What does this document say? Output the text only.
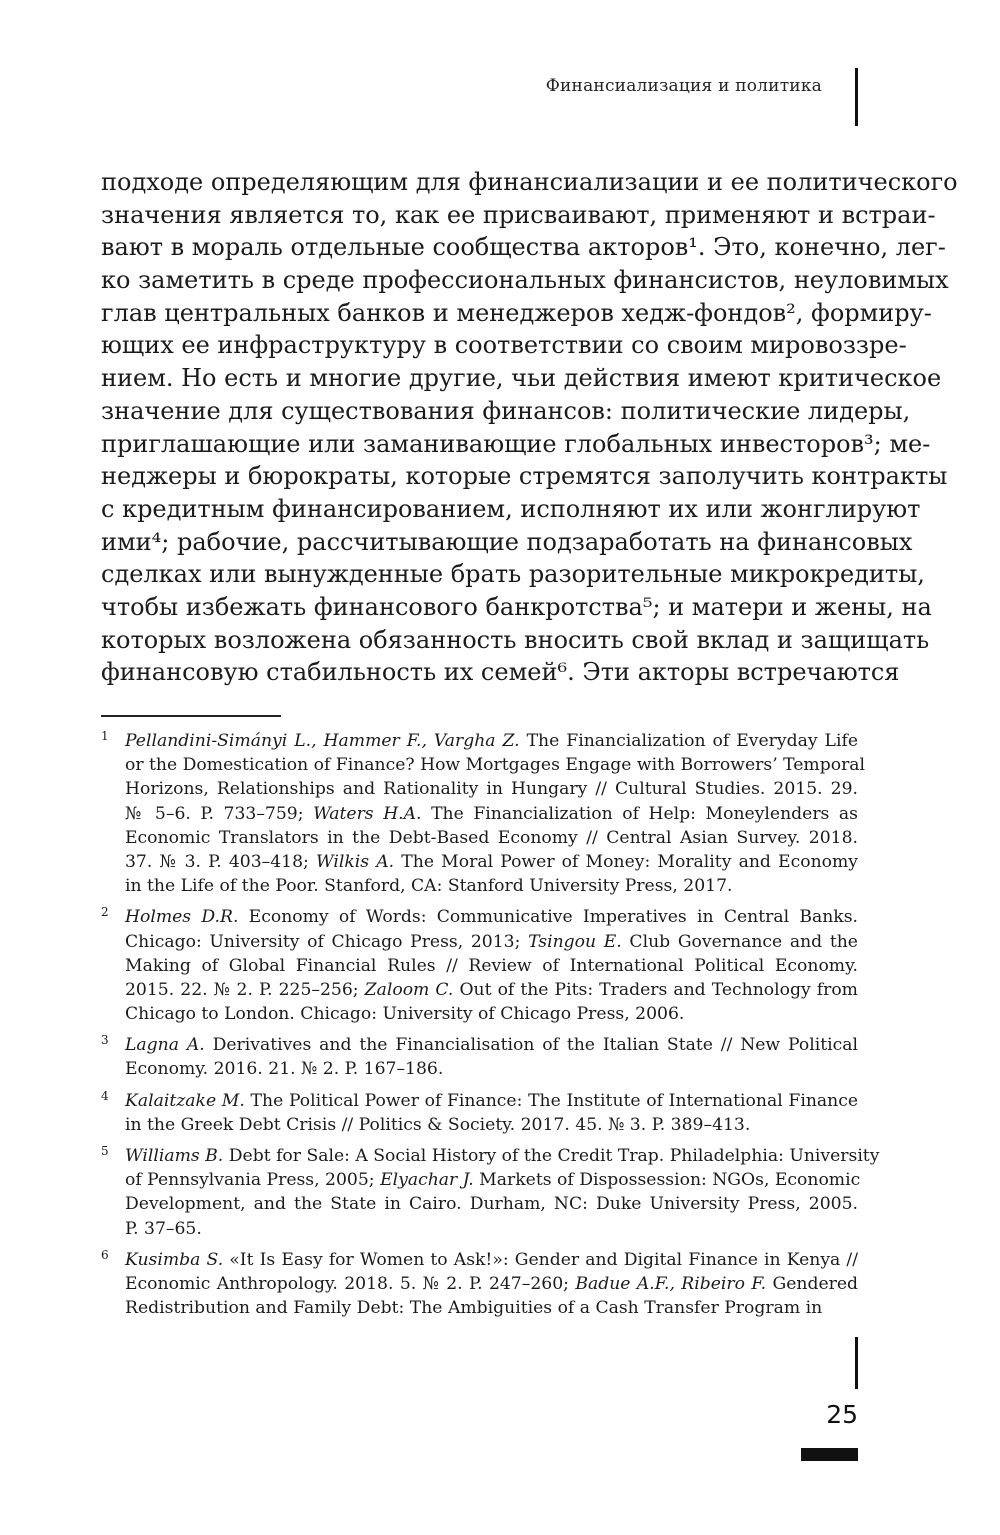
Финансиализация и политика
подходе определяющим для финансиализации и ее политического
значения является то, как ее присваивают, применяют и встраи-
вают в мораль отдельные сообщества акторов¹. Это, конечно, лег-
ко заметить в среде профессиональных финансистов, неуловимых
глав центральных банков и менеджеров хедж-фондов², формиру-
ющих ее инфраструктуру в соответствии со своим мировоззре-
нием. Но есть и многие другие, чьи действия имеют критическое
значение для существования финансов: политические лидеры,
приглашающие или заманивающие глобальных инвесторов³; ме-
неджеры и бюрократы, которые стремятся заполучить контракты
с кредитным финансированием, исполняют их или жонглируют
ими⁴; рабочие, рассчитывающие подзаработать на финансовых
сделках или вынужденные брать разорительные микрокредиты,
чтобы избежать финансового банкротства⁵; и матери и жены, на
которых возложена обязанность вносить свой вклад и защищать
финансовую стабильность их семей⁶. Эти акторы встречаются
1 Pellandini-Simányi L., Hammer F., Vargha Z. The Financialization of Everyday Life
or the Domestication of Finance? How Mortgages Engage with Borrowers’ Temporal
Horizons, Relationships and Rationality in Hungary // Cultural Studies. 2015. 29.
№ 5–6. P. 733–759; Waters H.A. The Financialization of Help: Moneylenders as
Economic Translators in the Debt-Based Economy // Central Asian Survey. 2018.
37. № 3. P. 403–418; Wilkis A. The Moral Power of Money: Morality and Economy
in the Life of the Poor. Stanford, CA: Stanford University Press, 2017.
2 Holmes D.R. Economy of Words: Communicative Imperatives in Central Banks.
Chicago: University of Chicago Press, 2013; Tsingou E. Club Governance and the
Making of Global Financial Rules // Review of International Political Economy.
2015. 22. № 2. P. 225–256; Zaloom C. Out of the Pits: Traders and Technology from
Chicago to London. Chicago: University of Chicago Press, 2006.
3 Lagna A. Derivatives and the Financialisation of the Italian State // New Political
Economy. 2016. 21. № 2. P. 167–186.
4 Kalaitzake M. The Political Power of Finance: The Institute of International Finance
in the Greek Debt Crisis // Politics & Society. 2017. 45. № 3. P. 389–413.
5 Williams B. Debt for Sale: A Social History of the Credit Trap. Philadelphia: University
of Pennsylvania Press, 2005; Elyachar J. Markets of Dispossession: NGOs, Economic
Development, and the State in Cairo. Durham, NC: Duke University Press, 2005.
P. 37–65.
6 Kusimba S. «It Is Easy for Women to Ask!»: Gender and Digital Finance in Kenya //
Economic Anthropology. 2018. 5. № 2. P. 247–260; Badue A.F., Ribeiro F. Gendered
Redistribution and Family Debt: The Ambiguities of a Cash Transfer Program in
25
